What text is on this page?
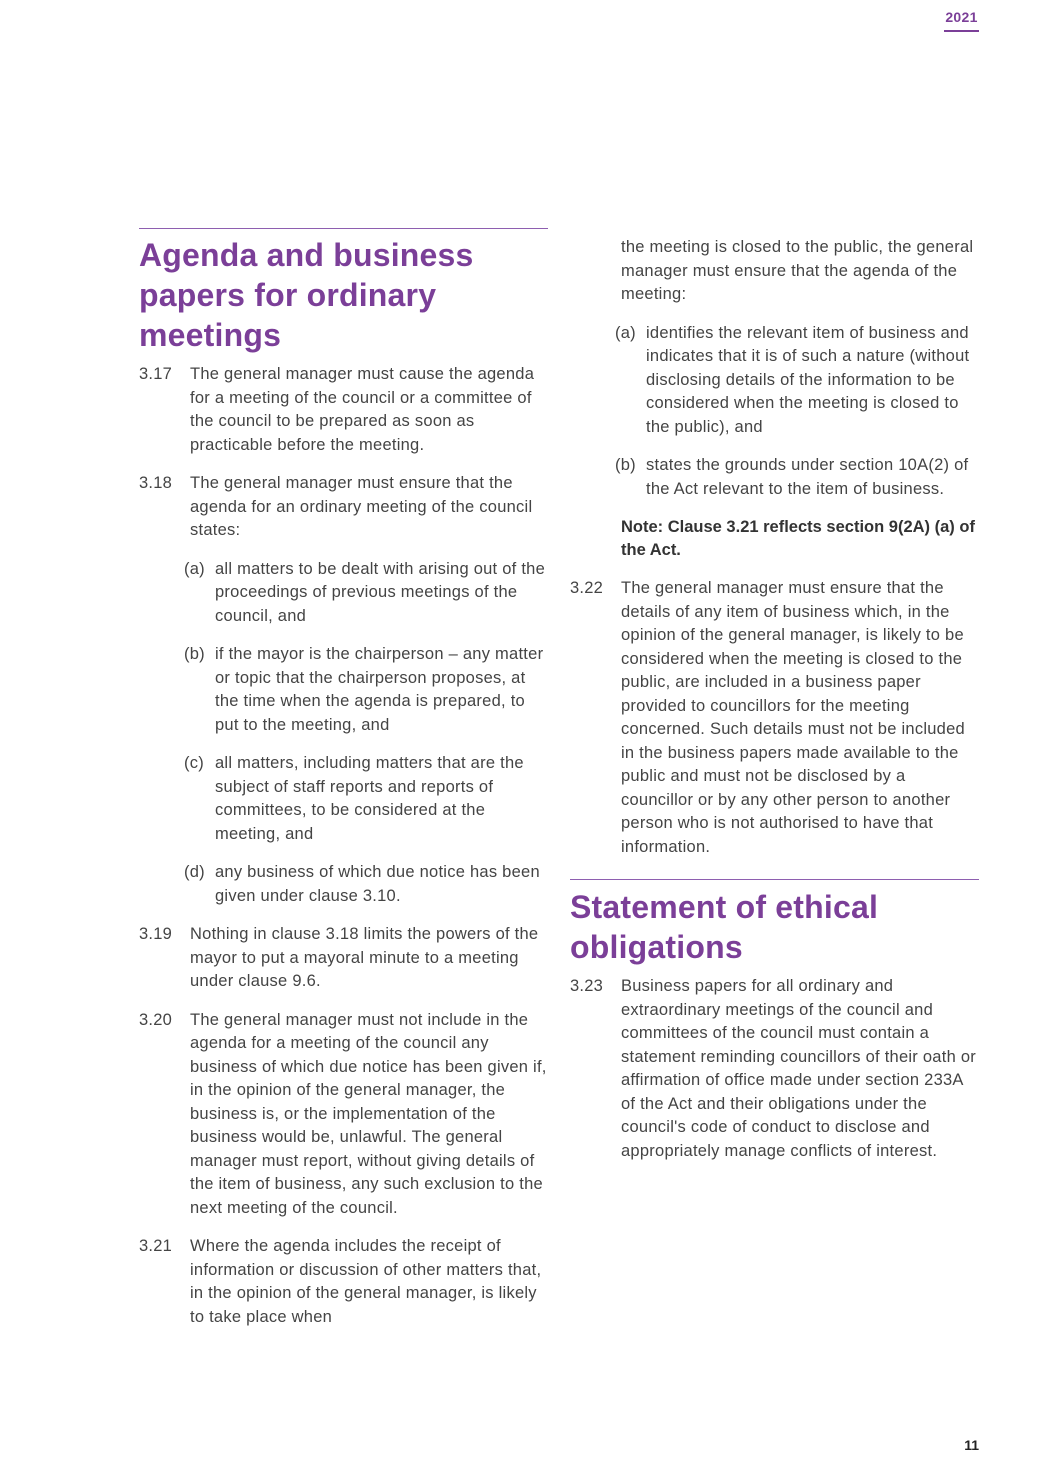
2021
Agenda and business papers for ordinary meetings
3.17 The general manager must cause the agenda for a meeting of the council or a committee of the council to be prepared as soon as practicable before the meeting.
3.18 The general manager must ensure that the agenda for an ordinary meeting of the council states:
(a) all matters to be dealt with arising out of the proceedings of previous meetings of the council, and
(b) if the mayor is the chairperson – any matter or topic that the chairperson proposes, at the time when the agenda is prepared, to put to the meeting, and
(c) all matters, including matters that are the subject of staff reports and reports of committees, to be considered at the meeting, and
(d) any business of which due notice has been given under clause 3.10.
3.19 Nothing in clause 3.18 limits the powers of the mayor to put a mayoral minute to a meeting under clause 9.6.
3.20 The general manager must not include in the agenda for a meeting of the council any business of which due notice has been given if, in the opinion of the general manager, the business is, or the implementation of the business would be, unlawful. The general manager must report, without giving details of the item of business, any such exclusion to the next meeting of the council.
3.21 Where the agenda includes the receipt of information or discussion of other matters that, in the opinion of the general manager, is likely to take place when
the meeting is closed to the public, the general manager must ensure that the agenda of the meeting:
(a) identifies the relevant item of business and indicates that it is of such a nature (without disclosing details of the information to be considered when the meeting is closed to the public), and
(b) states the grounds under section 10A(2) of the Act relevant to the item of business.
Note: Clause 3.21 reflects section 9(2A) (a) of the Act.
3.22 The general manager must ensure that the details of any item of business which, in the opinion of the general manager, is likely to be considered when the meeting is closed to the public, are included in a business paper provided to councillors for the meeting concerned. Such details must not be included in the business papers made available to the public and must not be disclosed by a councillor or by any other person to another person who is not authorised to have that information.
Statement of ethical obligations
3.23 Business papers for all ordinary and extraordinary meetings of the council and committees of the council must contain a statement reminding councillors of their oath or affirmation of office made under section 233A of the Act and their obligations under the council's code of conduct to disclose and appropriately manage conflicts of interest.
11
